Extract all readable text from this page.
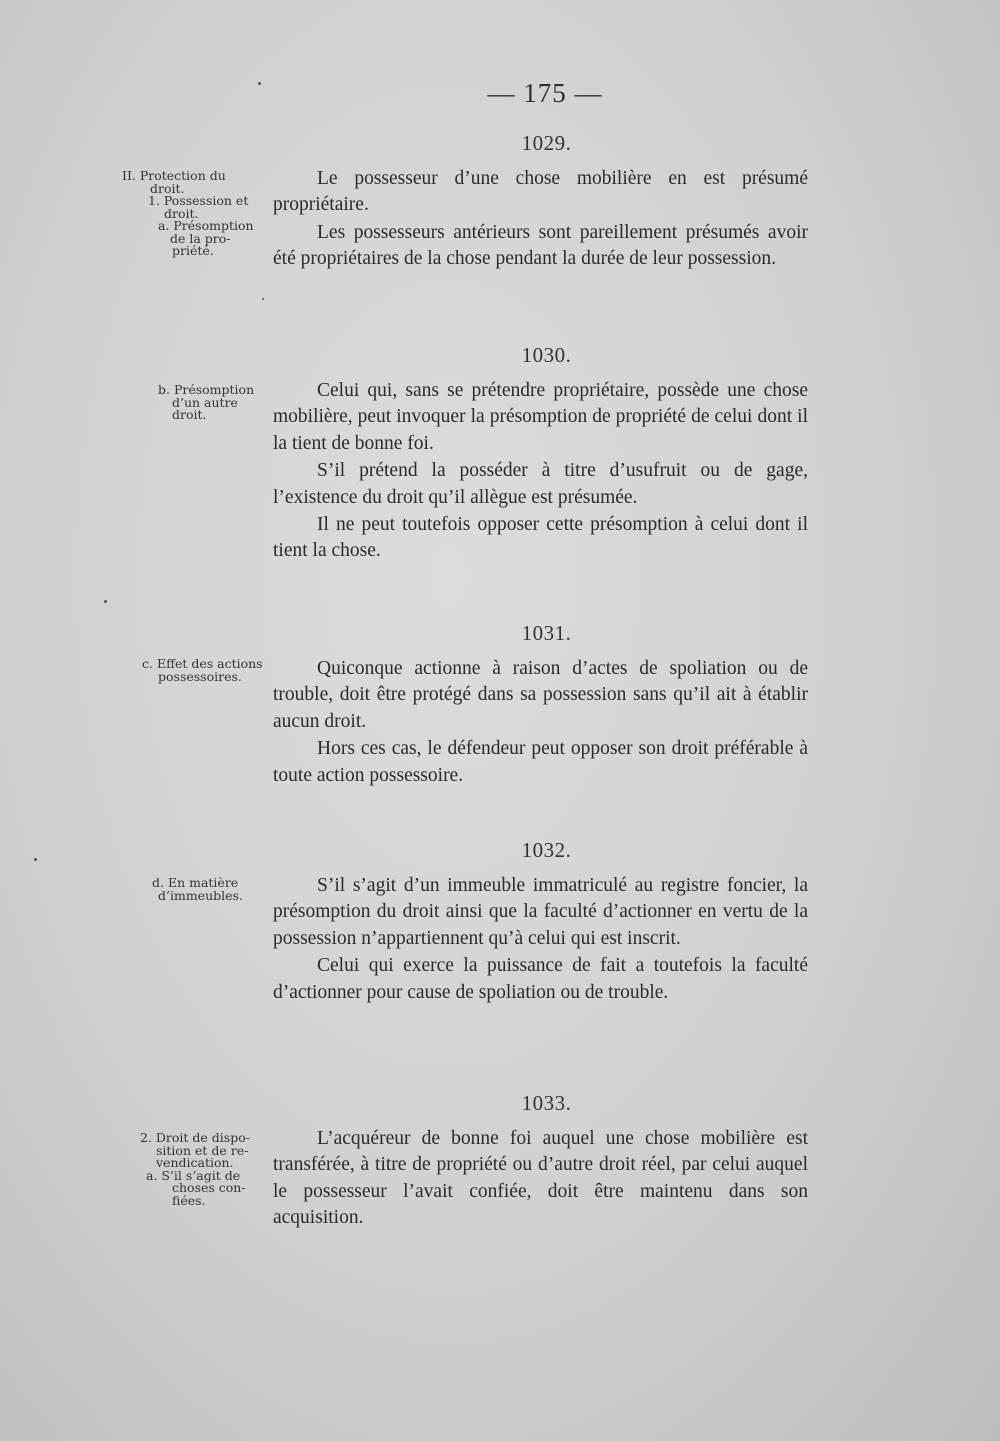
— 175 —
II. Protection du
droit.
1. Possession et
droit.
a. Présomption
de la pro-
priété.
b. Présomption
d’un autre
droit.
c. Effet des actions
possessoires.
d. En matière
d’immeubles.
2. Droit de dispo-
sition et de re-
vendication.
a. S’il s’agit de
choses con-
fiées.
1029.

Le possesseur d’une chose mobilière en est présumé propriétaire.

Les possesseurs antérieurs sont pareillement présumés avoir été propriétaires de la chose pendant la durée de leur possession.

1030.

Celui qui, sans se prétendre propriétaire, possède une chose mobilière, peut invoquer la présomption de propriété de celui dont il la tient de bonne foi.

S’il prétend la posséder à titre d’usufruit ou de gage, l’existence du droit qu’il allègue est présumée.

Il ne peut toutefois opposer cette présomption à celui dont il tient la chose.

1031.

Quiconque actionne à raison d’actes de spoliation ou de trouble, doit être protégé dans sa possession sans qu’il ait à établir aucun droit.

Hors ces cas, le défendeur peut opposer son droit préférable à toute action possessoire.

1032.

S’il s’agit d’un immeuble immatriculé au registre foncier, la présomption du droit ainsi que la faculté d’actionner en vertu de la possession n’appartiennent qu’à celui qui est inscrit.

Celui qui exerce la puissance de fait a toutefois la faculté d’actionner pour cause de spoliation ou de trouble.

1033.

L’acquéreur de bonne foi auquel une chose mobilière est transférée, à titre de propriété ou d’autre droit réel, par celui auquel le possesseur l’avait confiée, doit être maintenu dans son acquisition.
